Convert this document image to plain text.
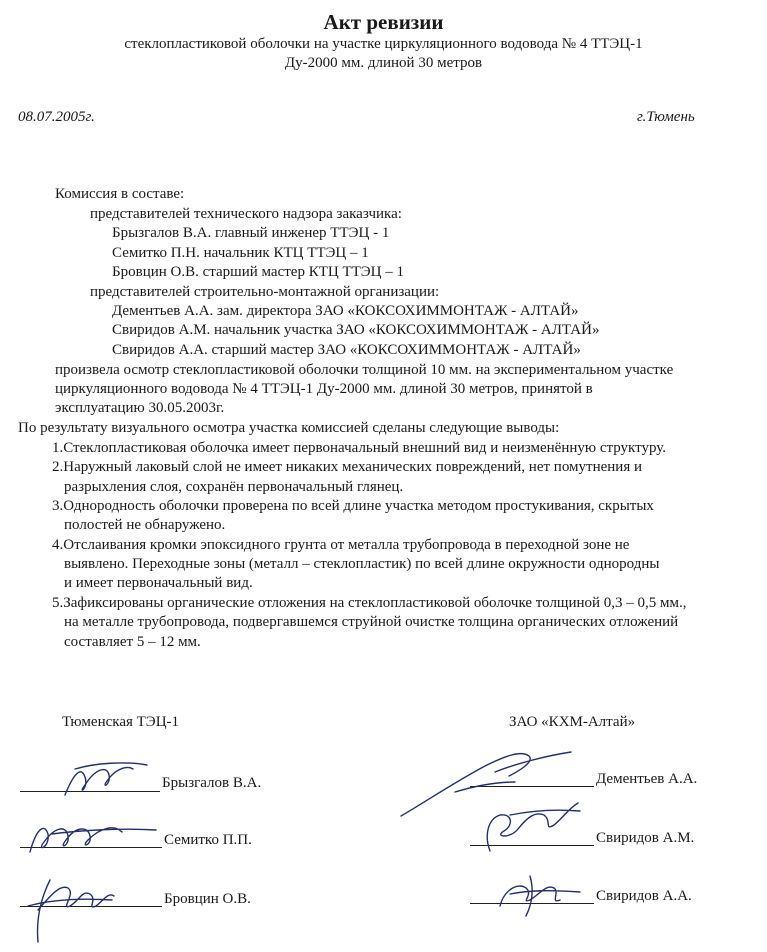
Акт ревизии
стеклопластиковой оболочки на участке циркуляционного водовода № 4 ТТЭЦ-1
Ду-2000 мм. длиной 30 метров
08.07.2005г.	г.Тюмень
Комиссия в составе:
представителей технического надзора заказчика:
Брызгалов В.А. главный инженер ТТЭЦ - 1
Семитко П.Н. начальник КТЦ ТТЭЦ – 1
Бровцин О.В. старший мастер КТЦ ТТЭЦ – 1
представителей строительно-монтажной организации:
Дементьев А.А. зам. директора ЗАО «КОКСОХИММОНТАЖ - АЛТАЙ»
Свиридов А.М. начальник участка ЗАО «КОКСОХИММОНТАЖ - АЛТАЙ»
Свиридов А.А. старший мастер ЗАО «КОКСОХИММОНТАЖ - АЛТАЙ»
произвела осмотр стеклопластиковой оболочки толщиной 10 мм. на экспериментальном участке
циркуляционного водовода № 4 ТТЭЦ-1 Ду-2000 мм. длиной 30 метров, принятой в
эксплуатацию 30.05.2003г.
По результату визуального осмотра участка комиссией сделаны следующие выводы:
1.Стеклопластиковая оболочка имеет первоначальный внешний вид и неизменённую структуру.
2.Наружный лаковый слой не имеет никаких механических повреждений, нет помутнения и
разрыхления слоя, сохранён первоначальный глянец.
3.Однородность оболочки проверена по всей длине участка методом простукивания, скрытых
полостей не обнаружено.
4.Отслаивания кромки эпоксидного грунта от металла трубопровода в переходной зоне не
выявлено. Переходные зоны (металл – стеклопластик) по всей длине окружности однородны
и имеет первоначальный вид.
5.Зафиксированы органические отложения на стеклопластиковой оболочке толщиной 0,3 – 0,5 мм.,
на металле трубопровода, подвергавшемся струйной очистке толщина органических отложений
составляет 5 – 12 мм.
Тюменская ТЭЦ-1	ЗАО «КХМ-Алтай»
Брызгалов В.А.
Семитко П.П.
Бровцин О.В.
Дементьев А.А.
Свиридов А.М.
Свиридов А.А.
